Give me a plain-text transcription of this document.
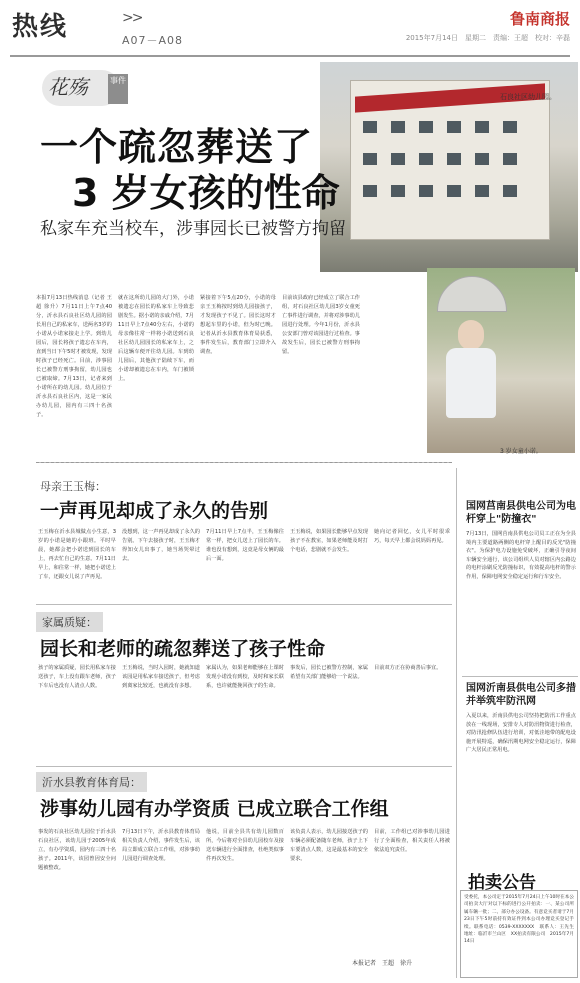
热线	>>
A07－A08
鲁南商报
2015年7月14日　星期二　责编：王超　校对：辛磊
石良社区幼儿园。
花殇	事件
一个疏忽葬送了
3 岁女孩的性命
私家车充当校车，涉事园长已被警方拘留
本报7月13日热线消息（记者 王超 徐升）7月11日上午7点40分，沂水县石良社区幼儿园的园长用自己的私家车，送两名3岁的小诺从小诺家接走上学。到幼儿园后，园长将孩子遗忘在车内，直到当日下午5时才被发现，发现时孩子已经死亡。目前，涉事园长已被警方刑事拘留，幼儿园也已被取缔。7月13日，记者来到小诺所在的幼儿园。幼儿园位于沂水县石良社区内，这是一家民办幼儿园，园内有三四十名孩子。
就在这所幼儿园的大门外，小诺被遗忘在园长的私家车上导致悲剧发生。据小诺的亲戚介绍，7月11日早上7点40分左右，小诺的母亲像往常一样将小诺送到石良社区幼儿园园长的私家车上，之后这辆车便开往幼儿园。车到幼儿园后，其他孩子陆续下车，而小诺却被遗忘在车内，车门被锁上。
紧接着下午5点20分，小诺的母亲王玉梅按时到幼儿园接孩子，才发现孩子不见了。园长这时才想起车里的小诺，但为时已晚。记者从沂水县教育体育局获悉，事件发生后，教育部门立即介入调查。
目前该县政府已经成立了联合工作组，对石良社区幼儿园3岁女童死亡事件进行调查，并将对涉事幼儿园进行处理。今年1月份，沂水县公安部门曾对该园进行过检查。事故发生后，园长已被警方刑事拘留。
3 岁女童小诺。
母亲王玉梅：
一声再见却成了永久的告别
王玉梅在沂水县城做点小生意，3岁的小诺是她的小跟班。平时早晨，她都会把小诺送到园长的车上，再去忙自己的生意。7月11日早上，和往常一样，她把小诺送上了车，还跟女儿说了声再见。
没想到，这一声再见却成了永久的告别。下午去接孩子时，王玉梅才得知女儿出事了，她当场哭晕过去。
7月11日早上7点半，王玉梅像往常一样，把女儿送上了园长的车。谁也没有想到，这竟是母女俩的最后一面。
王玉梅说，如果园长能够早点发现孩子不在教室，如果老师能及时打个电话，悲剧就不会发生。
她向记者回忆，女儿平时很乖巧，每天早上都会说妈妈再见。
家属质疑：
园长和老师的疏忽葬送了孩子性命
孩子的家属质疑，园长用私家车接送孩子，车上没有跟车老师，孩子下车后也没有人清点人数。
王玉梅说，当时入园时，她就知道该园是用私家车接送孩子，但考虑到离家比较近，也就没有多想。
家属认为，如果老师能够在上课时发现小诺没有到校，及时和家长联系，也许就能挽回孩子的生命。
事发后，园长已被警方控制，家属希望有关部门能够给一个说法。
目前双方正在协商善后事宜。
沂水县教育体育局：
涉事幼儿园有办学资质 已成立联合工作组
事发的石良社区幼儿园位于沂水县石良社区，该幼儿园于2005年成立，有办学资质，园内有三四十名孩子。2011年，该园曾因安全问题被整改。
7月13日下午，沂水县教育体育局相关负责人介绍，事件发生后，该局立即成立联合工作组，对涉事幼儿园进行调查处理。
他说，目前全县共有幼儿园数百所，今后将对全县幼儿园校车及接送车辆进行全面排查，杜绝类似事件再次发生。
该负责人表示，幼儿园接送孩子的车辆必须配备随车老师，孩子上下车要清点人数，这是最基本的安全要求。
目前，工作组已对涉事幼儿园进行了全面检查，相关责任人将被依法追究责任。
本报记者　王超　徐升
国网莒南县供电公司为电杆穿上"防撞衣"
7月13日，国网莒南县供电公司员工正在为全县境内主要道路两侧的电杆穿上醒目的反光"防撞衣"。为保护电力设施免受破坏，正确引导夜间车辆安全通行，该公司组织人员对辖区内公路边的电杆涂刷反光防撞标识，有效提高电杆的警示作用，保障电网安全稳定运行和行车安全。
国网沂南县供电公司多措并举筑牢防汛网
入夏以来，沂南县供电公司坚持把防汛工作重点放在一线现场，安排专人对防汛物资进行检查，对防汛抢修队伍进行培训，对低洼地带的配电设施开展特巡，确保汛期电网安全稳定运行，保障广大居民正常用电。
拍卖公告
受委托，本公司定于2015年7月24日上午10时在本公司拍卖大厅对以下标的进行公开拍卖：一、某公司所属车辆一批；二、部分办公设备。有意竞买者请于7月23日下午5时前持有效证件到本公司办理竞买登记手续。联系电话：0539-XXXXXXX　联系人：王先生　地址：临沂市兰山区　XX拍卖有限公司　2015年7月14日
